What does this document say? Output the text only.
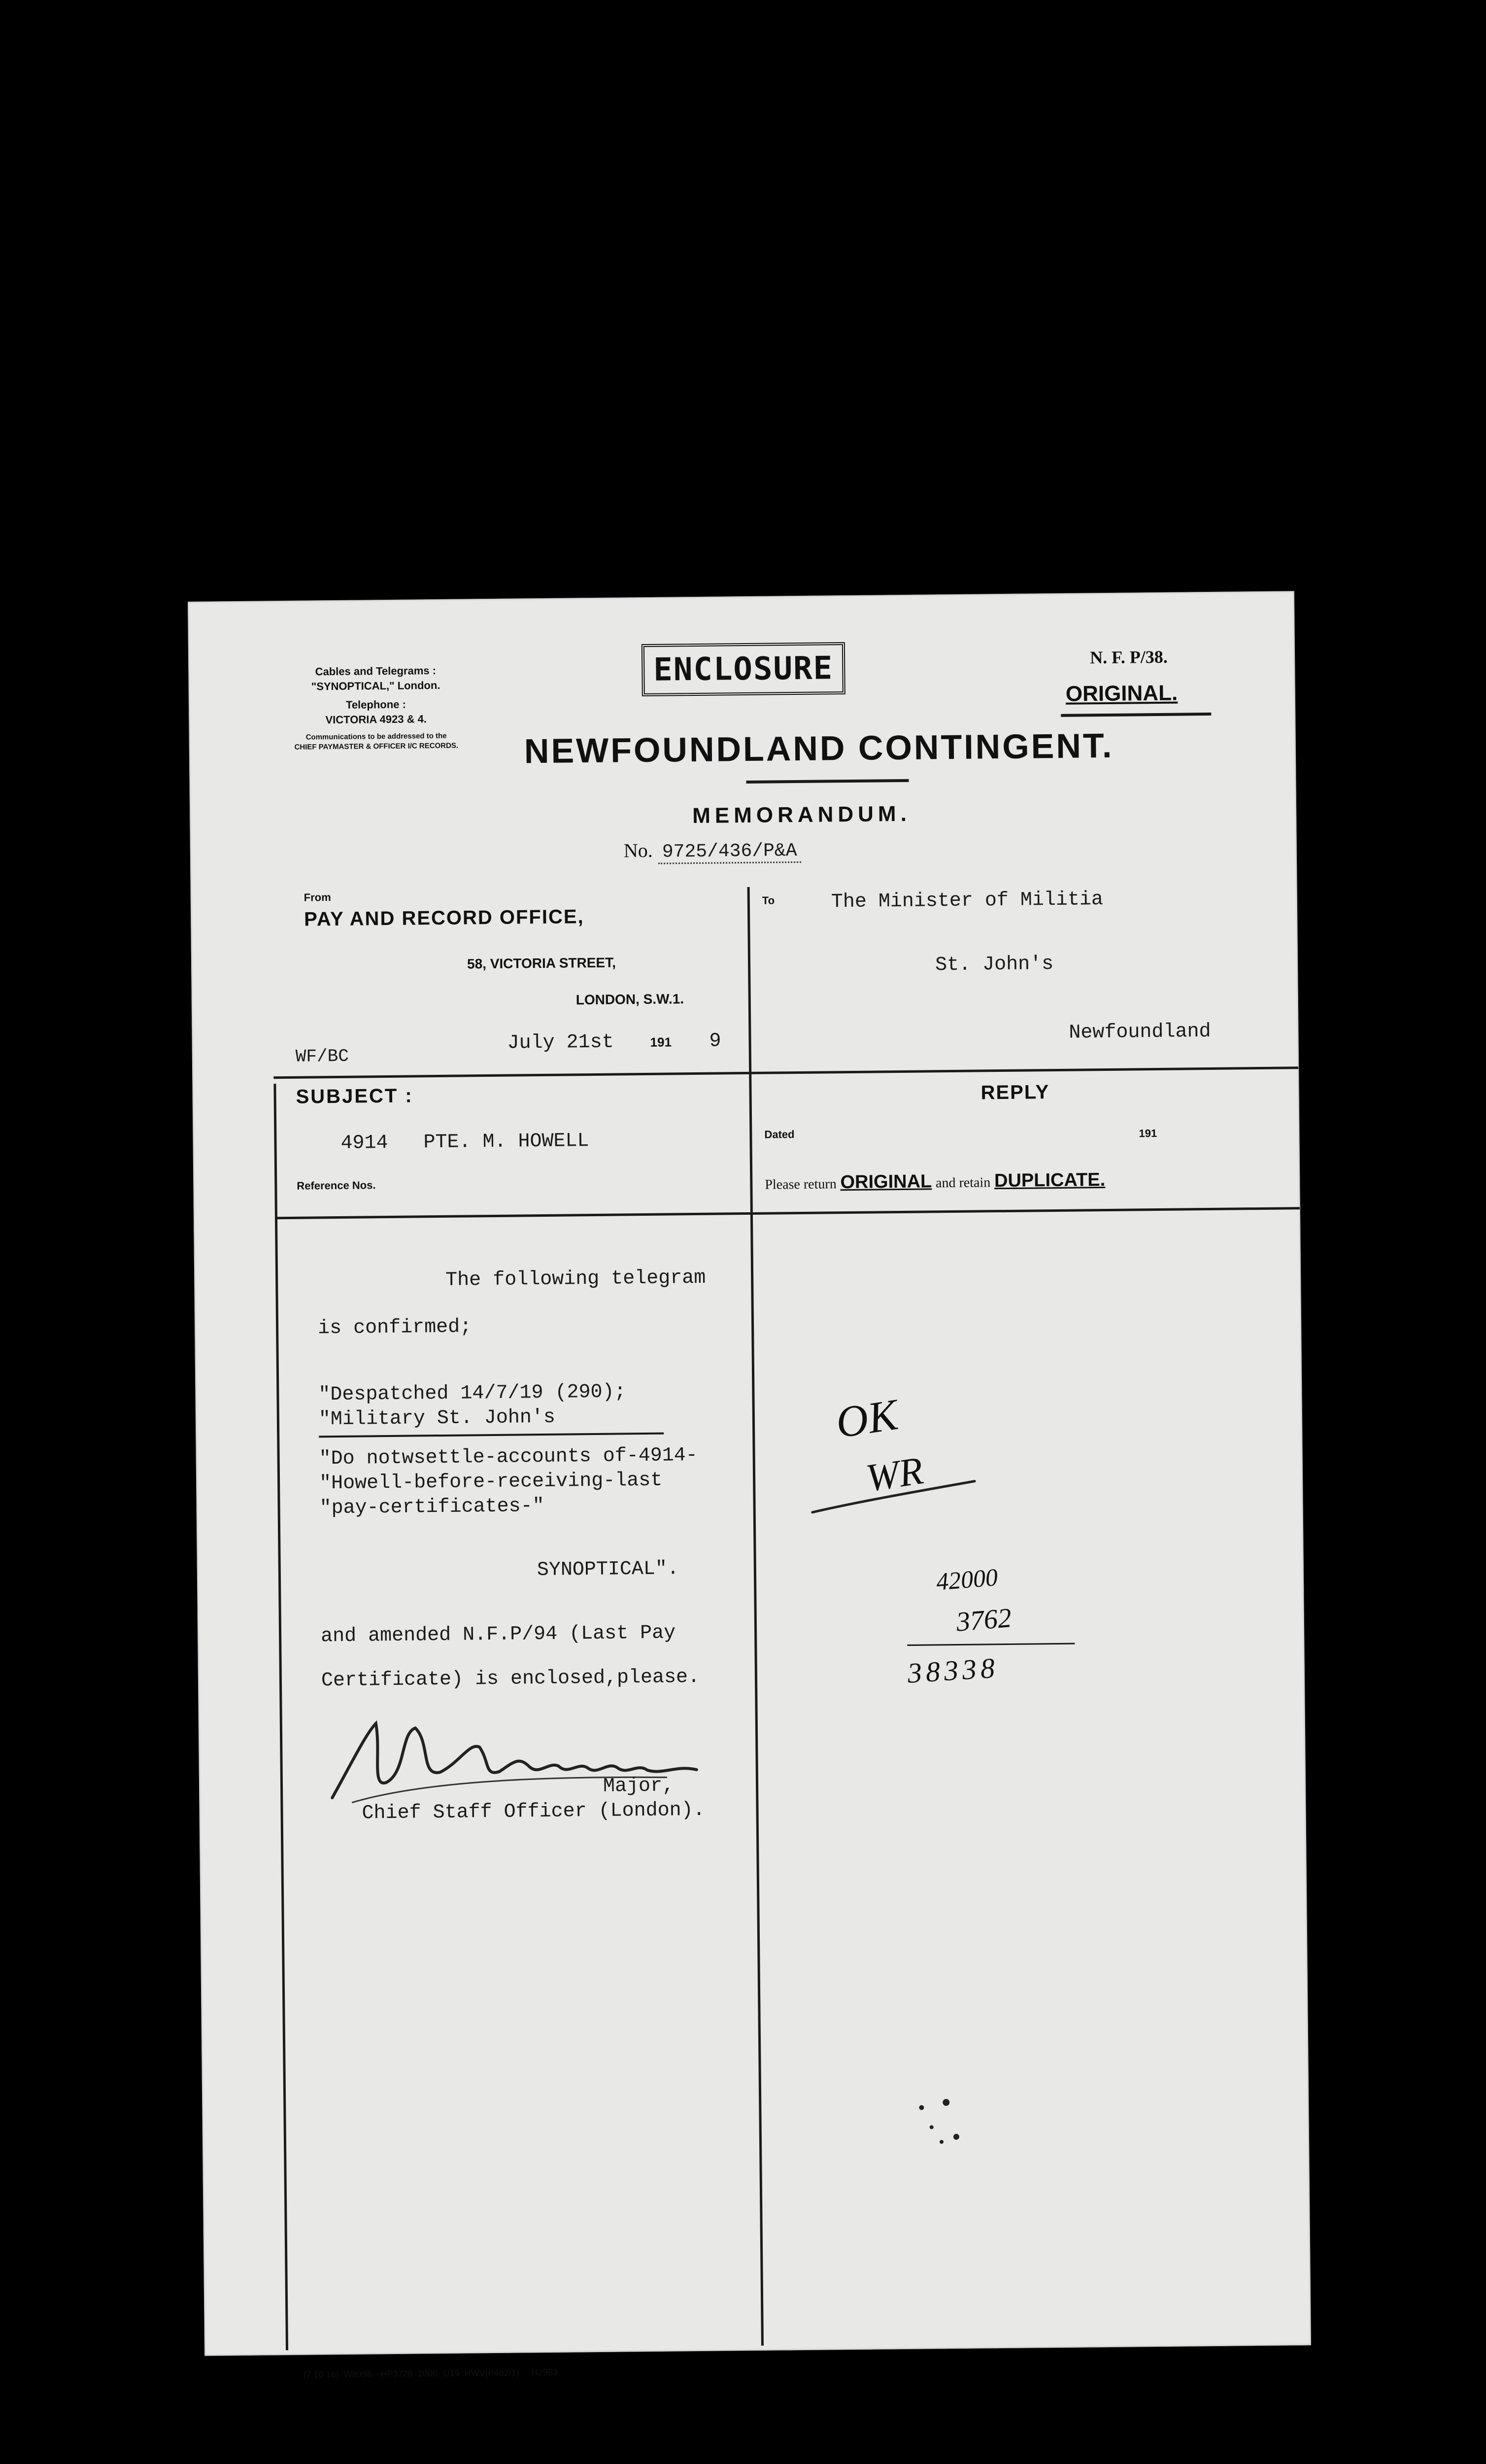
Cables and Telegrams :
"SYNOPTICAL," London.
Telephone :
VICTORIA 4923 & 4.
Communications to be addressed to the
CHIEF PAYMASTER & OFFICER I/C RECORDS.
ENCLOSURE	N. F. P/38.
ORIGINAL.
NEWFOUNDLAND CONTINGENT.
MEMORANDUM.
No. 9725/436/P&A
From
PAY AND RECORD OFFICE,
58, VICTORIA STREET,
LONDON, S.W.1.
July 21st	191 9
WF/BC
To	The Minister of Militia
St. John's
Newfoundland
SUBJECT :
4914   PTE. M. HOWELL
Reference Nos.
REPLY
Dated	191
Please return ORIGINAL and retain DUPLICATE.
The following telegram
is confirmed;
"Despatched 14/7/19 (290);
"Military St. John's
"Do notwsettle-accounts of-4914-
"Howell-before-receiving-last
"pay-certificates-"
SYNOPTICAL".
and amended N.F.P/94 (Last Pay
Certificate) is enclosed,please.
Major,
Chief Staff Officer (London).
OK
WR
42000
3762
38338
(7 10 16)  W8998—HP3728  1000  1/19  HWV(P482/1)     H2963
